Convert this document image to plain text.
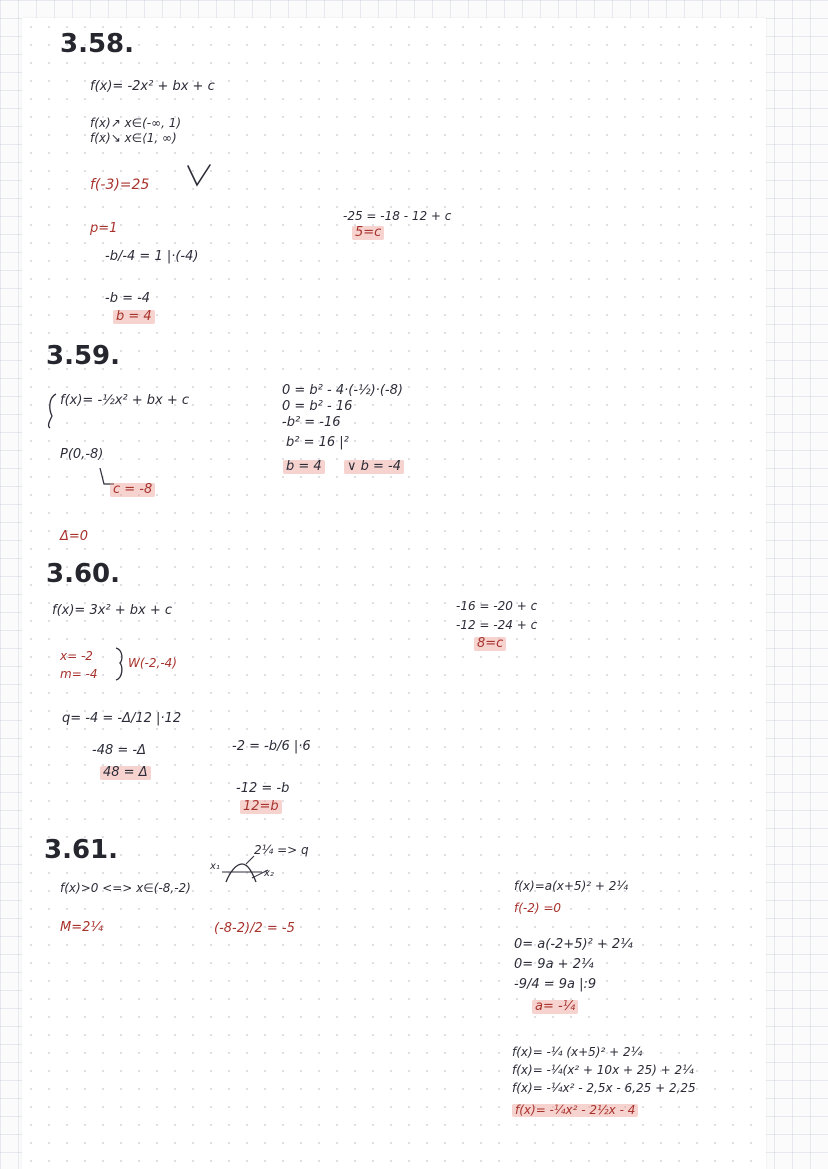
3.58.
f(x)= -2x² + bx + c
f(x)↗ x∈(-∞, 1)
f(x)↘ x∈⟨1, ∞)
f(-3)=25
p=1
-b/-4 = 1 |·(-4)
-b = -4
b = 4
-25 = -18 - 12 + c
5=c
3.59.
f(x)= -½x² + bx + c
P(0,-8)
c = -8
Δ=0
0 = b² - 4·(-½)·(-8)
0 = b² - 16
-b² = -16
b² = 16 |²
b = 4 ∨ b = -4
3.60.
f(x)= 3x² + bx + c
x= -2
m= -4
W(-2,-4)
q= -4 = -Δ/12 |·12
-48 = -Δ
48 = Δ
-2 = -b/6 |·6
-12 = -b
12=b
-16 = -20 + c
-12 = -24 + c
8=c
3.61.
f(x)>0 <=> x∈(-8,-2)
M=2¼
2¼ => q
x₁
x₂
(-8-2)/2 = -5
f(x)=a(x+5)² + 2¼
f(-2) =0
0= a(-2+5)² + 2¼
0= 9a + 2¼
-9/4 = 9a |:9
a= -¼
f(x)= -¼ (x+5)² + 2¼
f(x)= -¼(x² + 10x + 25) + 2¼
f(x)= -¼x² - 2,5x - 6,25 + 2,25
f(x)= -¼x² - 2½x - 4
